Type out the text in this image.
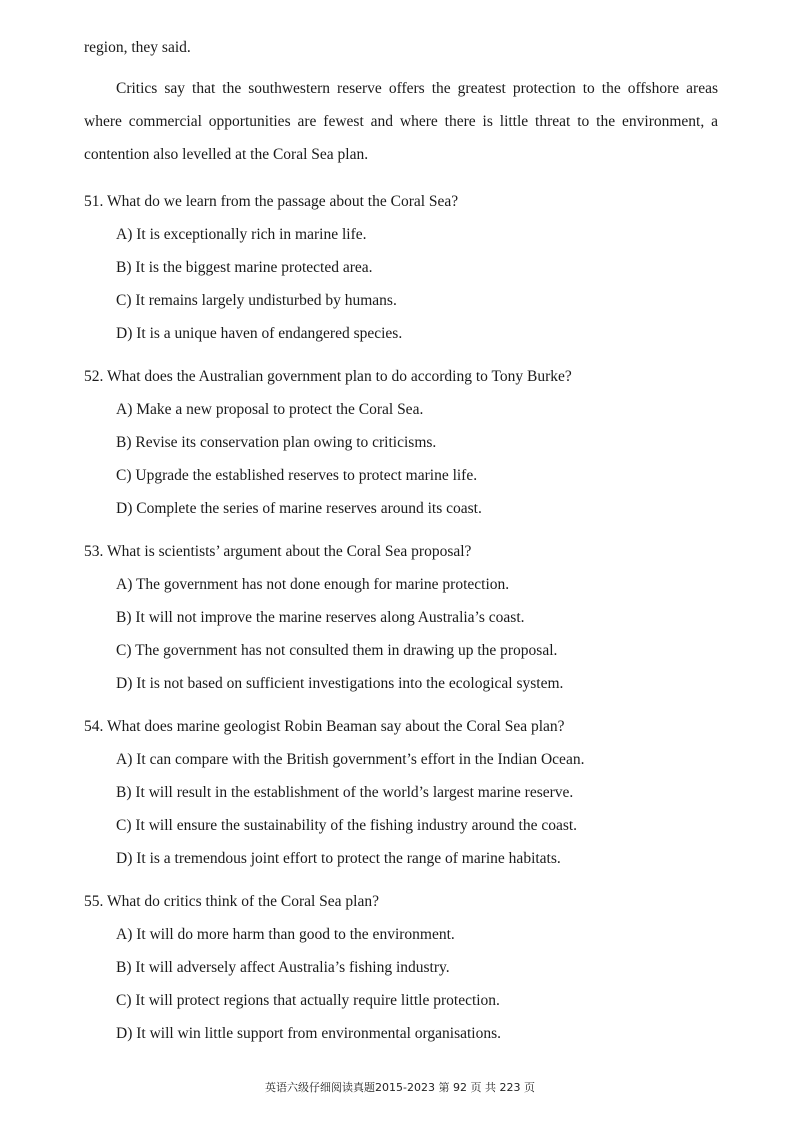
region, they said.
Critics say that the southwestern reserve offers the greatest protection to the offshore areas
where commercial opportunities are fewest and where there is little threat to the environment, a
contention also levelled at the Coral Sea plan.
51. What do we learn from the passage about the Coral Sea?
A) It is exceptionally rich in marine life.
B) It is the biggest marine protected area.
C) It remains largely undisturbed by humans.
D) It is a unique haven of endangered species.
52. What does the Australian government plan to do according to Tony Burke?
A) Make a new proposal to protect the Coral Sea.
B) Revise its conservation plan owing to criticisms.
C) Upgrade the established reserves to protect marine life.
D) Complete the series of marine reserves around its coast.
53. What is scientists’ argument about the Coral Sea proposal?
A) The government has not done enough for marine protection.
B) It will not improve the marine reserves along Australia’s coast.
C) The government has not consulted them in drawing up the proposal.
D) It is not based on sufficient investigations into the ecological system.
54. What does marine geologist Robin Beaman say about the Coral Sea plan?
A) It can compare with the British government’s effort in the Indian Ocean.
B) It will result in the establishment of the world’s largest marine reserve.
C) It will ensure the sustainability of the fishing industry around the coast.
D) It is a tremendous joint effort to protect the range of marine habitats.
55. What do critics think of the Coral Sea plan?
A) It will do more harm than good to the environment.
B) It will adversely affect Australia’s fishing industry.
C) It will protect regions that actually require little protection.
D) It will win little support from environmental organisations.
英语六级仔细阅读真题2015-2023 第 92 页 共 223 页
